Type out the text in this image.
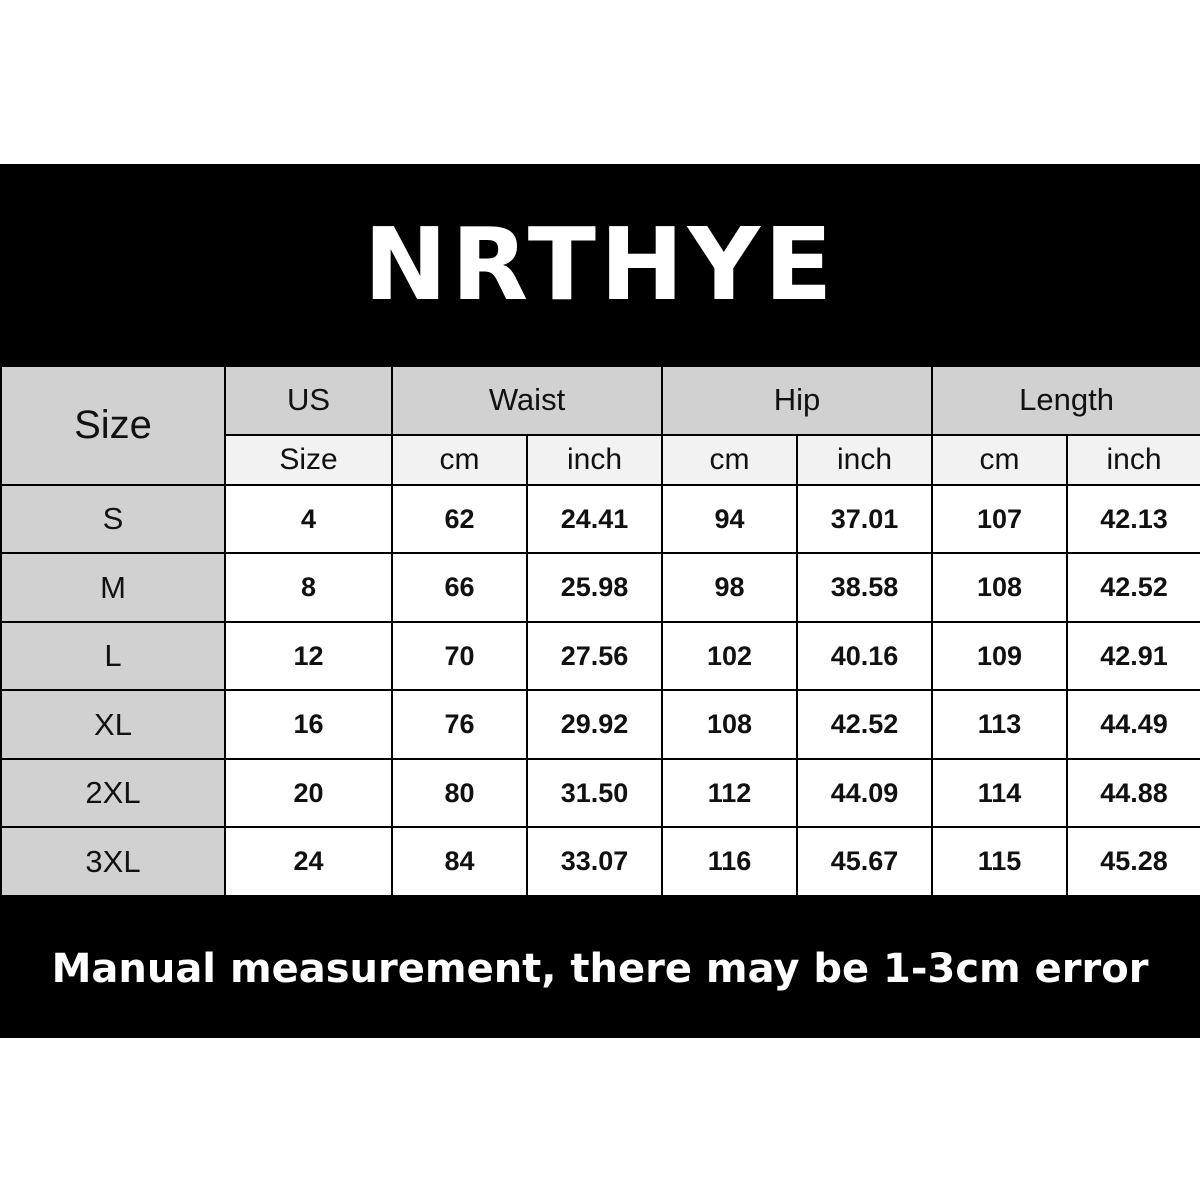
NRTHYE
Size	US	Waist		Hip		Length	
	Size	cm	inch	cm	inch	cm	inch
S	4	62	24.41	94	37.01	107	42.13
M	8	66	25.98	98	38.58	108	42.52
L	12	70	27.56	102	40.16	109	42.91
XL	16	76	29.92	108	42.52	113	44.49
2XL	20	80	31.50	112	44.09	114	44.88
3XL	24	84	33.07	116	45.67	115	45.28
Manual measurement, there may be 1-3cm error
